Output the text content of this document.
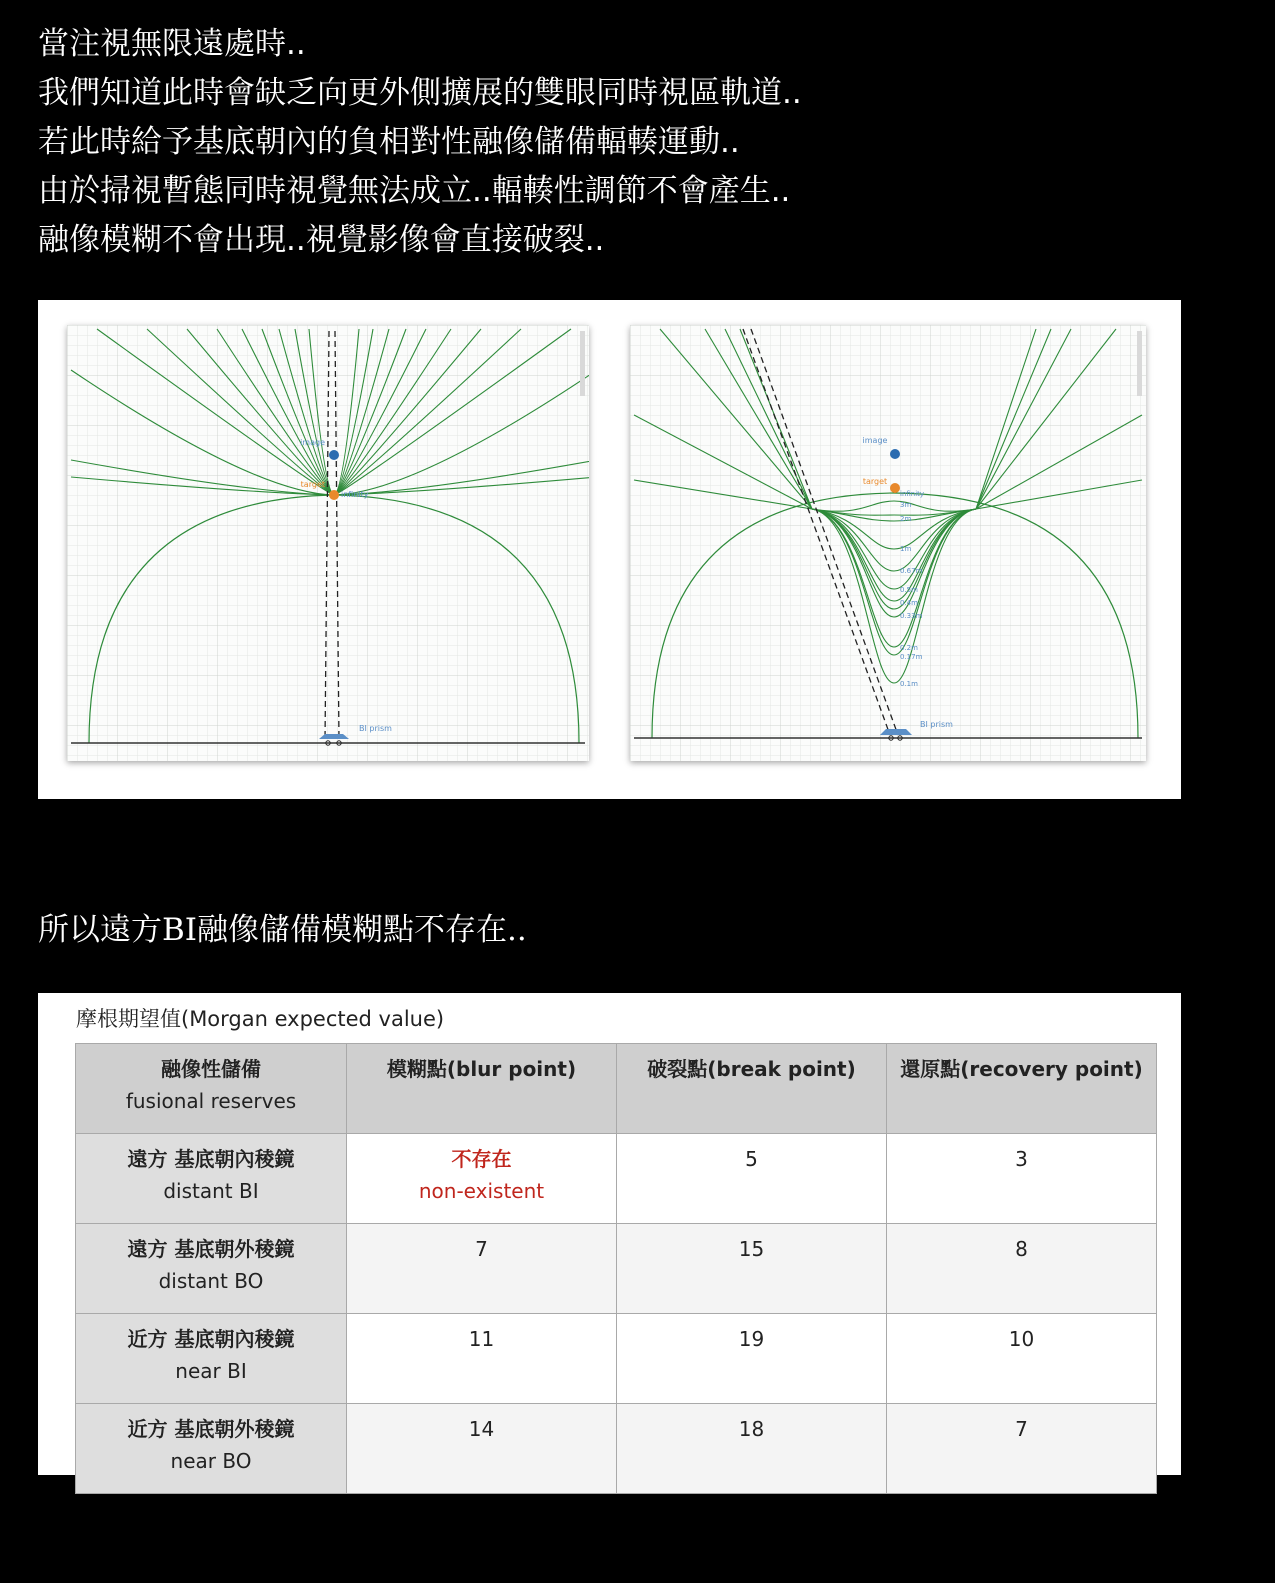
當注視無限遠處時..
我們知道此時會缺乏向更外側擴展的雙眼同時視區軌道..
若此時給予基底朝內的負相對性融像儲備輻輳運動..
由於掃視暫態同時視覺無法成立..輻輳性調節不會產生..
融像模糊不會出現..視覺影像會直接破裂..
image
target
infinity
BI prism
image
target
infinity
3m
2m
1m
0.67m
0.5m
0.4m
0.33m
0.2m
0.17m
0.1m
BI prism
所以遠方BI融像儲備模糊點不存在..
摩根期望值(Morgan expected value)
融像性儲備
fusional reserves	模糊點(blur point)	破裂點(break point)	還原點(recovery point)

遠方 基底朝內稜鏡
distant BI	不存在
non-existent	5	3

遠方 基底朝外稜鏡
distant BO	7	15	8

近方 基底朝內稜鏡
near BI	11	19	10

近方 基底朝外稜鏡
near BO	14	18	7
